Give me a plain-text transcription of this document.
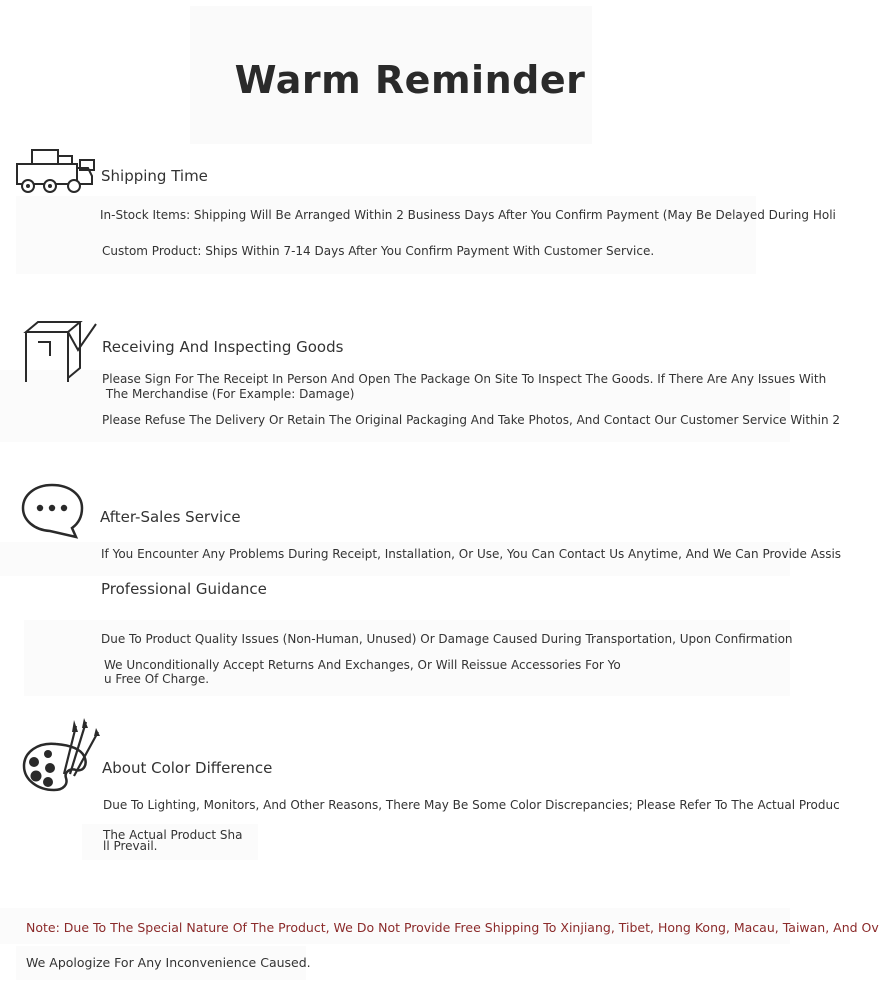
Warm Reminder
Shipping Time
In-Stock Items: Shipping Will Be Arranged Within 2 Business Days After You Confirm Payment (May Be Delayed During Holi
Custom Product: Ships Within 7-14 Days After You Confirm Payment With Customer Service.
Receiving And Inspecting Goods
Please Sign For The Receipt In Person And Open The Package On Site To Inspect The Goods. If There Are Any Issues With
The Merchandise (For Example: Damage)
Please Refuse The Delivery Or Retain The Original Packaging And Take Photos, And Contact Our Customer Service Within 2
After-Sales Service
If You Encounter Any Problems During Receipt, Installation, Or Use, You Can Contact Us Anytime, And We Can Provide Assis
Professional Guidance
Due To Product Quality Issues (Non-Human, Unused) Or Damage Caused During Transportation, Upon Confirmation
We Unconditionally Accept Returns And Exchanges, Or Will Reissue Accessories For Yo
u Free Of Charge.
About Color Difference
Due To Lighting, Monitors, And Other Reasons, There May Be Some Color Discrepancies; Please Refer To The Actual Produc
The Actual Product Sha
ll Prevail.
Note: Due To The Special Nature Of The Product, We Do Not Provide Free Shipping To Xinjiang, Tibet, Hong Kong, Macau, Taiwan, And Ov
We Apologize For Any Inconvenience Caused.
